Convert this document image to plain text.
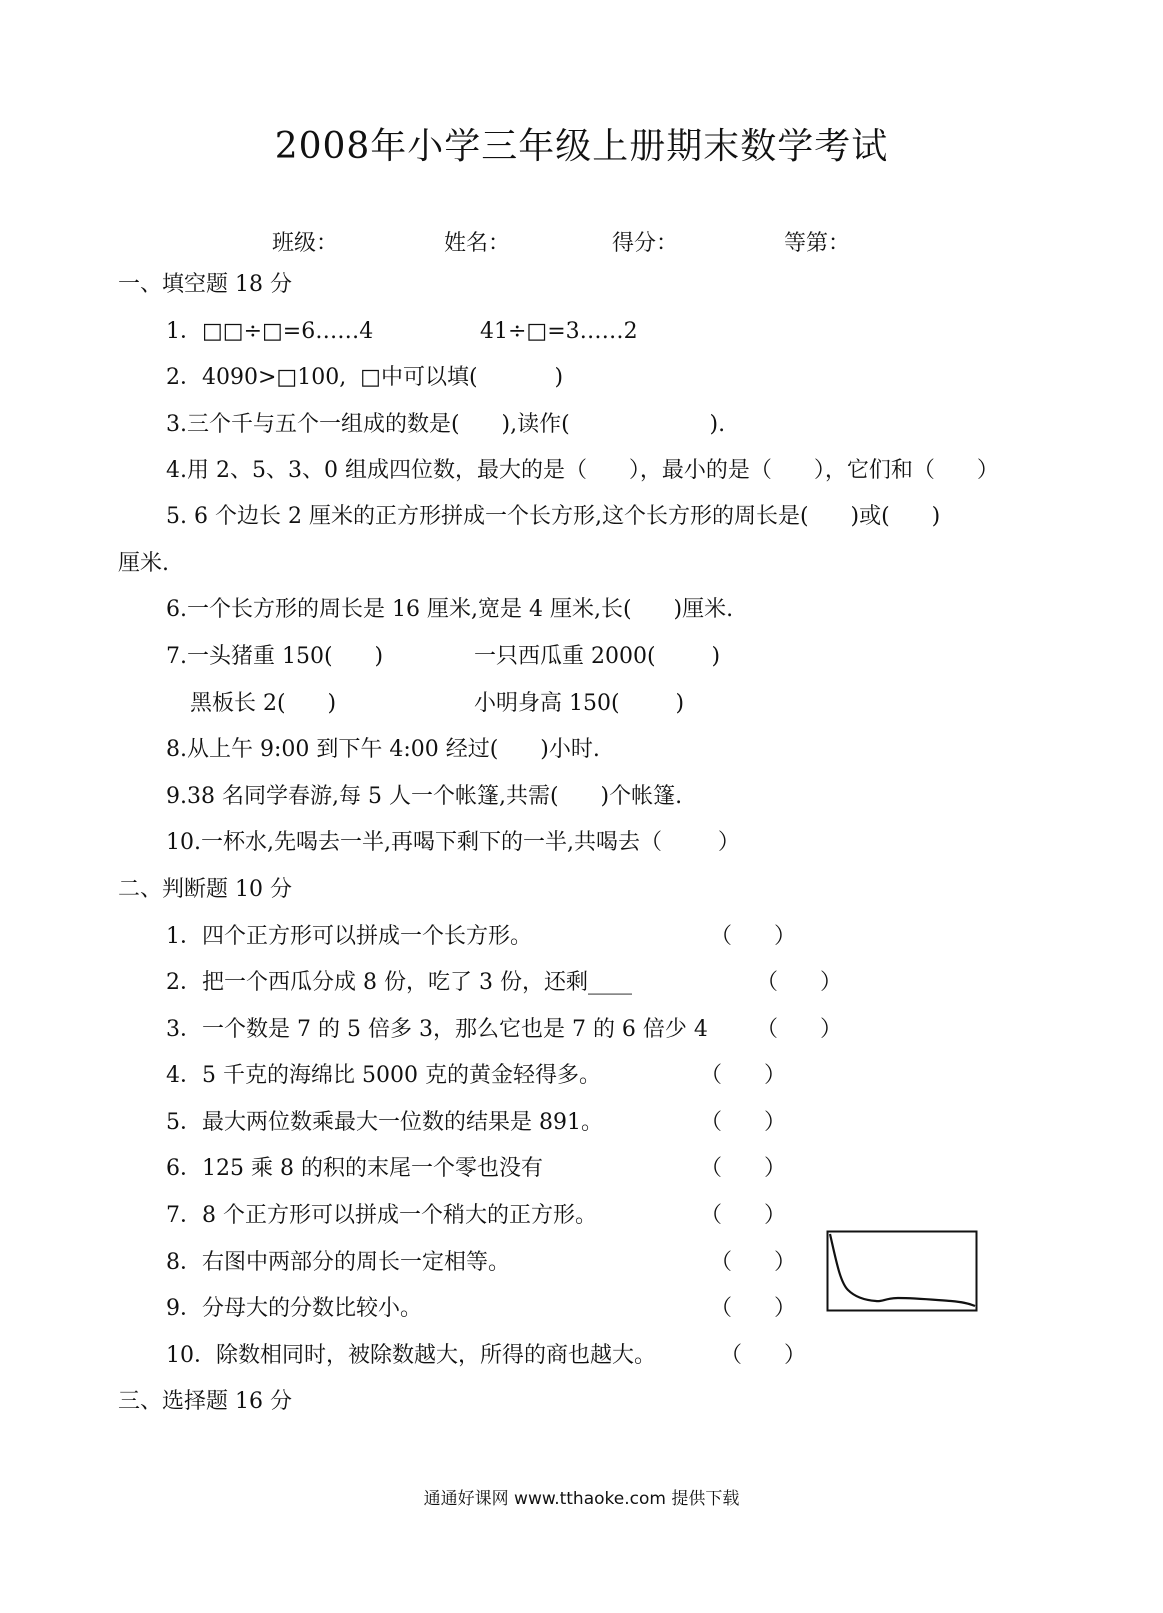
2008年小学三年级上册期末数学考试
班级：	姓名：	得分：	等第：
一、填空题 18 分
1．□□÷□=6……4	41÷□=3……2
2．4090>□100,  □中可以填(           )
3.三个千与五个一组成的数是(      ),读作(                    ).
4.用 2、5、3、0 组成四位数，最大的是（      ），最小的是（      ），它们和（      ）
5. 6 个边长 2 厘米的正方形拼成一个长方形,这个长方形的周长是(      )或(      )
厘米.
6.一个长方形的周长是 16 厘米,宽是 4 厘米,长(      )厘米.
7.一头猪重 150(      )	一只西瓜重 2000(        )
黑板长 2(      )	小明身高 150(        )
8.从上午 9:00 到下午 4:00 经过(      )小时.
9.38 名同学春游,每 5 人一个帐篷,共需(      )个帐篷.
10.一杯水,先喝去一半,再喝下剩下的一半,共喝去（        ）
二、判断题 10 分
1．四个正方形可以拼成一个长方形。	（      ）
2．把一个西瓜分成 8 份，吃了 3 份，还剩____	（      ）
3．一个数是 7 的 5 倍多 3，那么它也是 7 的 6 倍少 4 （      ）
4．5 千克的海绵比 5000 克的黄金轻得多。	（      ）
5．最大两位数乘最大一位数的结果是 891。	（      ）
6．125 乘 8 的积的末尾一个零也没有	（      ）
7．8 个正方形可以拼成一个稍大的正方形。	（      ）
8．右图中两部分的周长一定相等。	（      ）
9．分母大的分数比较小。	（      ）
10．除数相同时，被除数越大，所得的商也越大。	（      ）
三、选择题 16 分
通通好课网 www.tthaoke.com 提供下载
